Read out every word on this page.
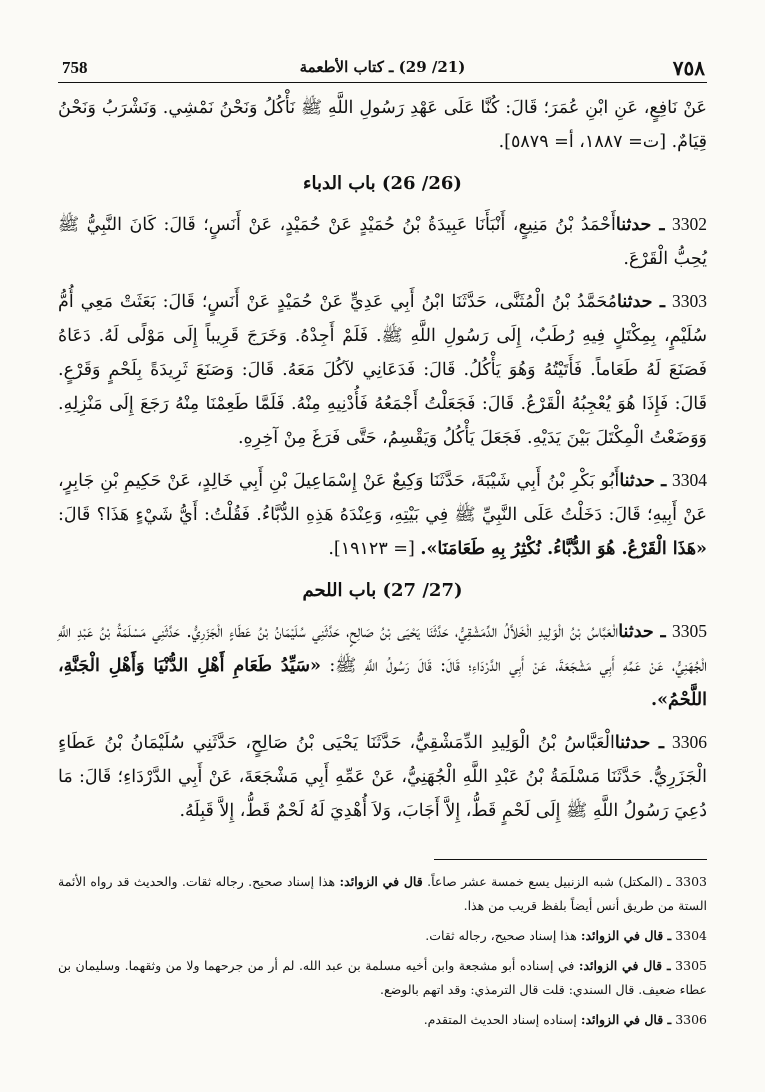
758	(21/ 29) ـ كتاب الأطعمة	٧٥٨

عَنْ نَافِعٍ، عَنِ ابْنِ عُمَرَ؛ قَالَ: كُنَّا عَلَى عَهْدِ رَسُولِ اللَّهِ ﷺ نَأْكُلُ وَنَحْنُ نَمْشِي. وَنَشْرَبُ وَنَحْنُ قِيَامٌ. [ت= ١٨٨٧، أ= ٥٨٧٩].

(26/ 26) باب الدباء

3302 ـ حدثناأَحْمَدُ بْنُ مَنِيعٍ، أَنْبَأَنَا عَبِيدَةُ بْنُ حُمَيْدٍ عَنْ حُمَيْدٍ، عَنْ أَنَسٍ؛ قَالَ: كَانَ النَّبِيُّ ﷺ يُحِبُّ الْقَرْعَ.

3303 ـ حدثنامُحَمَّدُ بْنُ الْمُثَنَّى، حَدَّثَنَا ابْنُ أَبِي عَدِيٍّ عَنْ حُمَيْدٍ عَنْ أَنَسٍ؛ قَالَ: بَعَثَتْ مَعِي أُمُّ سُلَيْمٍ، بِمِكْتَلٍ فِيهِ رُطَبٌ، إِلَى رَسُولِ اللَّهِ ﷺ. فَلَمْ أَجِدْهُ. وَخَرَجَ قَرِيباً إِلَى مَوْلًى لَهُ. دَعَاهُ فَصَنَعَ لَهُ طَعَاماً. فَأَتَيْتُهُ وَهُوَ يَأْكُلُ. قَالَ: فَدَعَانِي لآكُلَ مَعَهُ. قَالَ: وَصَنَعَ ثَرِيدَةً بِلَحْمٍ وَقَرْعٍ. قَالَ: فَإِذَا هُوَ يُعْجِبُهُ الْقَرْعُ. قَالَ: فَجَعَلْتُ أَجْمَعُهُ فَأُدْنِيهِ مِنْهُ. فَلَمَّا طَعِمْنَا مِنْهُ رَجَعَ إِلَى مَنْزِلِهِ. وَوَضَعْتُ الْمِكْتَلَ بَيْنَ يَدَيْهِ. فَجَعَلَ يَأْكُلُ وَيَقْسِمُ، حَتَّى فَرَغَ مِنْ آخِرِهِ.

3304 ـ حدثناأَبُو بَكْرِ بْنُ أَبِي شَيْبَةَ، حَدَّثَنَا وَكِيعٌ عَنْ إِسْمَاعِيلَ بْنِ أَبِي خَالِدٍ، عَنْ حَكِيمِ بْنِ جَابِرٍ، عَنْ أَبِيهِ؛ قَالَ: دَخَلْتُ عَلَى النَّبِيِّ ﷺ فِي بَيْتِهِ، وَعِنْدَهُ هَذِهِ الدُّبَّاءُ. فَقُلْتُ: أَيُّ شَيْءٍ هَذَا؟ قَالَ: «هَذَا الْقَرْعُ. هُوَ الدُّبَّاءُ. نُكْثِرُ بِهِ طَعَامَنَا». [= ١٩١٢٣].

(27/ 27) باب اللحم

3305 ـ حدثناالْعَبَّاسُ بْنُ الْوَلِيدِ الْخَلاَّلُ الدِّمَشْقِيُّ، حَدَّثَنَا يَحْيَى بْنُ صَالِحٍ، حَدَّثَنِي سُلَيْمَانُ بْنُ عَطَاءٍ الْجَزَرِيُّ. حَدَّثَنِي مَسْلَمَةُ بْنُ عَبْدِ اللَّهِ الْجُهَنِيُّ، عَنْ عَمِّهِ أَبِي مَشْجَعَةَ، عَنْ أَبِي الدَّرْدَاءِ؛ قَالَ: قَالَ رَسُولُ اللَّهِ ﷺ: «سَيِّدُ طَعَامِ أَهْلِ الدُّنْيَا وَأَهْلِ الْجَنَّةِ، اللَّحْمُ».

3306 ـ حدثناالْعَبَّاسُ بْنُ الْوَلِيدِ الدِّمَشْقِيُّ، حَدَّثَنَا يَحْيَى بْنُ صَالِحٍ، حَدَّثَنِي سُلَيْمَانُ بْنُ عَطَاءٍ الْجَزَرِيُّ. حَدَّثَنَا مَسْلَمَةُ بْنُ عَبْدِ اللَّهِ الْجُهَنِيُّ، عَنْ عَمِّهِ أَبِي مَشْجَعَةَ، عَنْ أَبِي الدَّرْدَاءِ؛ قَالَ: مَا دُعِيَ رَسُولُ اللَّهِ ﷺ إِلَى لَحْمٍ قَطُّ، إِلاَّ أَجَابَ، وَلاَ أُهْدِيَ لَهُ لَحْمٌ قَطُّ، إِلاَّ قَبِلَهُ.

3303 ـ (المكتل) شبه الزنبيل يسع خمسة عشر صاعاً. قال في الزوائد: هذا إسناد صحيح. رجاله ثقات. والحديث قد رواه الأئمة الستة من طريق أنس أيضاً بلفظ قريب من هذا.

3304 ـ قال في الزوائد: هذا إسناد صحيح، رجاله ثقات.

3305 ـ قال في الزوائد: في إسناده أبو مشجعة وابن أخيه مسلمة بن عبد الله. لم أر من جرحهما ولا من وثقهما. وسليمان بن عطاء ضعيف. قال السندي: قلت قال الترمذي: وقد اتهم بالوضع.

3306 ـ قال في الزوائد: إسناده إسناد الحديث المتقدم.
